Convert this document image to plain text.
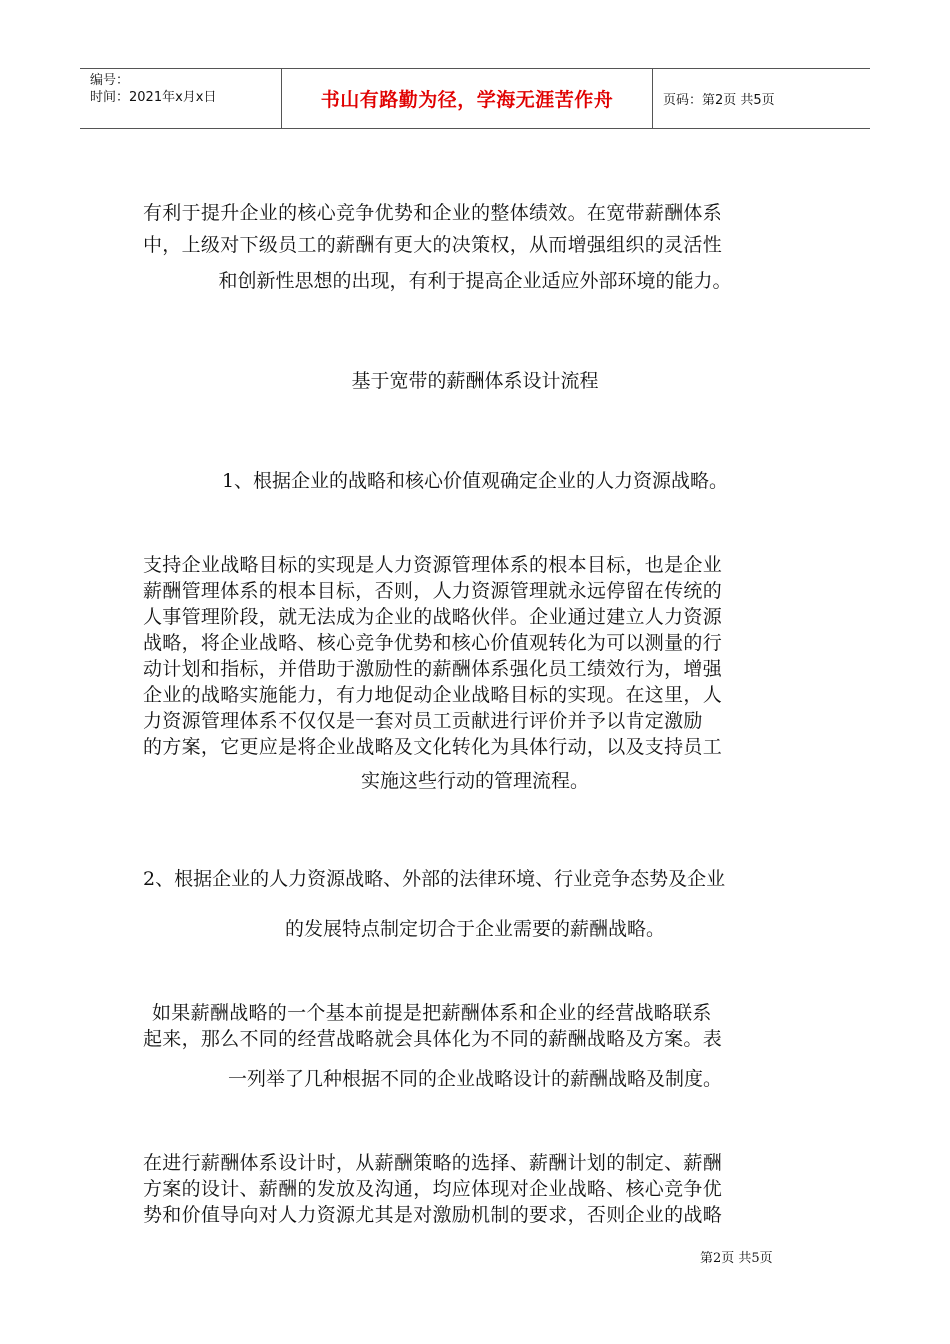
编号：
时间：2021年x月x日	书山有路勤为径，学海无涯苦作舟	页码：第2页 共5页

有利于提升企业的核心竞争优势和企业的整体绩效。在宽带薪酬体系

中，上级对下级员工的薪酬有更大的决策权，从而增强组织的灵活性

和创新性思想的出现，有利于提高企业适应外部环境的能力。

基于宽带的薪酬体系设计流程

1、根据企业的战略和核心价值观确定企业的人力资源战略。

支持企业战略目标的实现是人力资源管理体系的根本目标，也是企业

薪酬管理体系的根本目标，否则，人力资源管理就永远停留在传统的

人事管理阶段，就无法成为企业的战略伙伴。企业通过建立人力资源

战略，将企业战略、核心竞争优势和核心价值观转化为可以测量的行

动计划和指标，并借助于激励性的薪酬体系强化员工绩效行为，增强

企业的战略实施能力，有力地促动企业战略目标的实现。在这里，人

力资源管理体系不仅仅是一套对员工贡献进行评价并予以肯定激励

的方案，它更应是将企业战略及文化转化为具体行动，以及支持员工

实施这些行动的管理流程。

2、根据企业的人力资源战略、外部的法律环境、行业竞争态势及企业

的发展特点制定切合于企业需要的薪酬战略。

如果薪酬战略的一个基本前提是把薪酬体系和企业的经营战略联系

起来，那么不同的经营战略就会具体化为不同的薪酬战略及方案。表

一列举了几种根据不同的企业战略设计的薪酬战略及制度。

在进行薪酬体系设计时，从薪酬策略的选择、薪酬计划的制定、薪酬

方案的设计、薪酬的发放及沟通，均应体现对企业战略、核心竞争优

势和价值导向对人力资源尤其是对激励机制的要求，否则企业的战略

第2页 共5页
